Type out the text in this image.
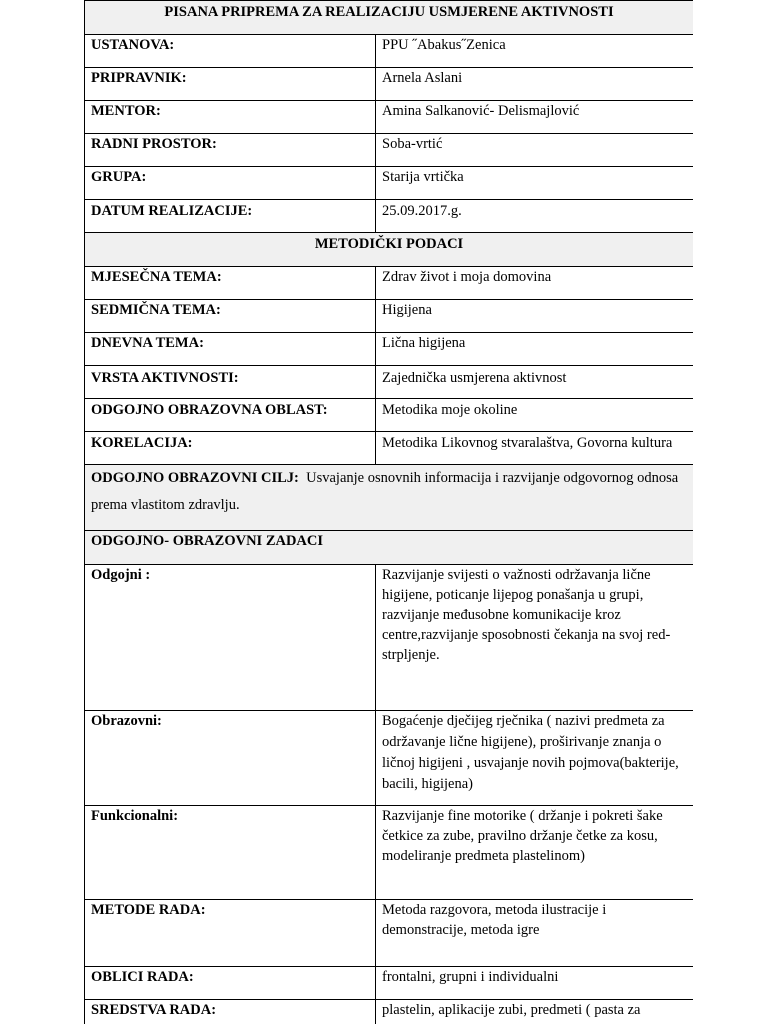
PISANA PRIPREMA ZA REALIZACIJU USMJERENE AKTIVNOSTI	
USTANOVA:	PPU ˝Abakus˝Zenica
PRIPRAVNIK:	Arnela Aslani
MENTOR:	Amina Salkanović- Delismajlović
RADNI PROSTOR:	Soba-vrtić
GRUPA:	Starija vrtička
DATUM REALIZACIJE:	25.09.2017.g.
METODIČKI PODACI	
MJESEČNA TEMA:	Zdrav život i moja domovina
SEDMIČNA TEMA:	Higijena
DNEVNA TEMA:	Lična higijena
VRSTA AKTIVNOSTI:	Zajednička usmjerena aktivnost
ODGOJNO OBRAZOVNA OBLAST:	Metodika moje okoline
KORELACIJA:	Metodika Likovnog stvaralaštva, Govorna kultura
ODGOJNO OBRAZOVNI CILJ: Usvajanje osnovnih informacija i razvijanje odgovornog odnosa prema vlastitom zdravlju.	
ODGOJNO- OBRAZOVNI ZADACI	
Odgojni :	Razvijanje svijesti o važnosti održavanja lične higijene, poticanje lijepog ponašanja u grupi, razvijanje međusobne komunikacije kroz centre,razvijanje sposobnosti čekanja na svoj red-strpljenje.
Obrazovni:	Bogaćenje dječijeg rječnika ( nazivi predmeta za održavanje lične higijene), proširivanje znanja o ličnoj higijeni , usvajanje novih pojmova(bakterije, bacili, higijena)
Funkcionalni:	Razvijanje fine motorike ( držanje i pokreti šake četkice za zube, pravilno držanje četke za kosu, modeliranje predmeta plastelinom)
METODE RADA:	Metoda razgovora, metoda ilustracije i demonstracije, metoda igre
OBLICI RADA:	frontalni, grupni i individualni
SREDSTVA RADA:	plastelin, aplikacije zubi, predmeti ( pasta za
